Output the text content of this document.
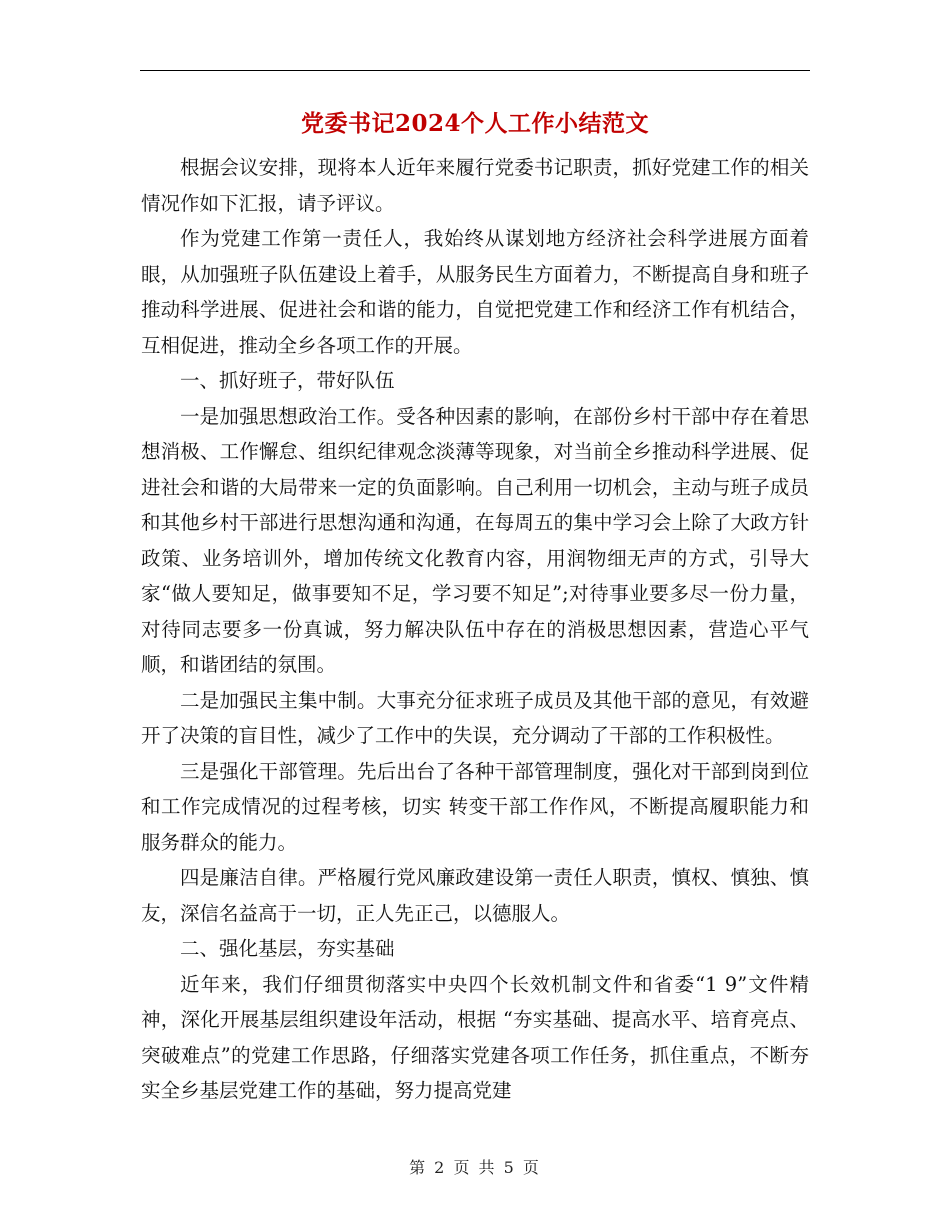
党委书记2024个人工作小结范文

根据会议安排，现将本人近年来履行党委书记职责，抓好党建工作的相关情况作如下汇报，请予评议。

作为党建工作第一责任人，我始终从谋划地方经济社会科学进展方面着眼，从加强班子队伍建设上着手，从服务民生方面着力，不断提高自身和班子推动科学进展、促进社会和谐的能力，自觉把党建工作和经济工作有机结合，互相促进，推动全乡各项工作的开展。

一、抓好班子，带好队伍

一是加强思想政治工作。受各种因素的影响，在部份乡村干部中存在着思想消极、工作懈怠、组织纪律观念淡薄等现象，对当前全乡推动科学进展、促进社会和谐的大局带来一定的负面影响。自己利用一切机会，主动与班子成员和其他乡村干部进行思想沟通和沟通，在每周五的集中学习会上除了大政方针政策、业务培训外，增加传统文化教育内容，用润物细无声的方式，引导大家“做人要知足，做事要知不足，学习要不知足”;对待事业要多尽一份力量，对待同志要多一份真诚，努力解决队伍中存在的消极思想因素，营造心平气顺，和谐团结的氛围。

二是加强民主集中制。大事充分征求班子成员及其他干部的意见，有效避开了决策的盲目性，减少了工作中的失误，充分调动了干部的工作积极性。

三是强化干部管理。先后出台了各种干部管理制度，强化对干部到岗到位和工作完成情况的过程考核，切实 转变干部工作作风，不断提高履职能力和服务群众的能力。

四是廉洁自律。严格履行党风廉政建设第一责任人职责，慎权、慎独、慎友，深信名益高于一切，正人先正己，以德服人。

二、强化基层，夯实基础

近年来，我们仔细贯彻落实中央四个长效机制文件和省委“1 9”文件精神，深化开展基层组织建设年活动，根据 “夯实基础、提高水平、培育亮点、突破难点”的党建工作思路，仔细落实党建各项工作任务，抓住重点，不断夯实全乡基层党建工作的基础，努力提高党建

第 2 页 共 5 页
